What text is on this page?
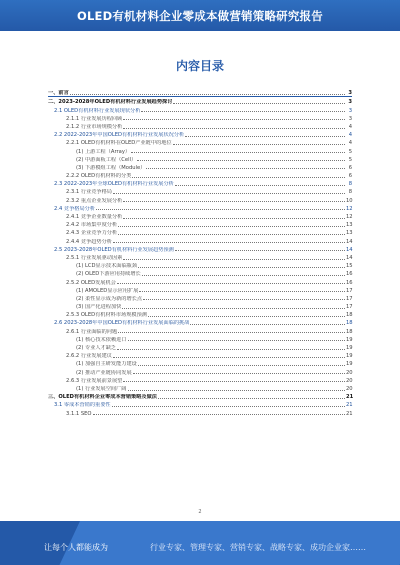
OLED有机材料企业零成本做营销策略研究报告
内容目录
一、前言	3
二、2023-2028年OLED有机材料行业发展趋势探讨	3
2.1 OLED有机材料行业发展现状分析	3
2.1.1 行业发展历程回顾	3
2.1.2 行业市场规模分析	4
2.2 2022-2023年中国OLED有机材料行业发展状况分析	4
2.2.1 OLED有机材料在OLED产业链中的地位	4
(1) 上游工程（Array）	5
(2) 中游面板工程（Cell）	5
(3) 下游模组工程（Module）	6
2.2.2 OLED有机材料的分类	6
2.3 2022-2023年全球OLED有机材料行业发展分析	8
2.3.1 行业竞争格局	8
2.3.2 重点企业发展分析	10
2.4 竞争格局分析	12
2.4.1 竞争企业数量分析	12
2.4.2 市场集中度分析	13
2.4.3 企业竞争力分析	13
2.4.4 竞争趋势分析	14
2.5 2023-2028年OLED有机材料行业发展趋势预测	14
2.5.1 行业发展驱动因素	14
(1) LCD显示技术面临瓶颈	15
(2) OLED下游应用持续增长	16
2.5.2 OLED发展机会	16
(1) AMOLED显示应用扩展	17
(2) 柔性显示成为新的增长点	17
(3) 国产化进程加快	17
2.5.3 OLED有机材料市场规模预测	18
2.6 2023-2028年中国OLED有机材料行业发展面临的挑战	18
2.6.1 行业面临的问题	18
(1) 核心技术依赖进口	19
(2) 专业人才缺乏	19
2.6.2 行业发展建议	19
(1) 加强自主研发能力建设	19
(2) 推动产业链协同发展	20
2.6.3 行业发展前景展望	20
(1) 行业发展空间广阔	20
三、OLED有机材料企业零成本营销策略及做法	21
3.1 零成本营销的重要性	21
3.1.1 SEO	21
2
让每个人都能成为	行业专家、管理专家、营销专家、战略专家、成功企业家……
